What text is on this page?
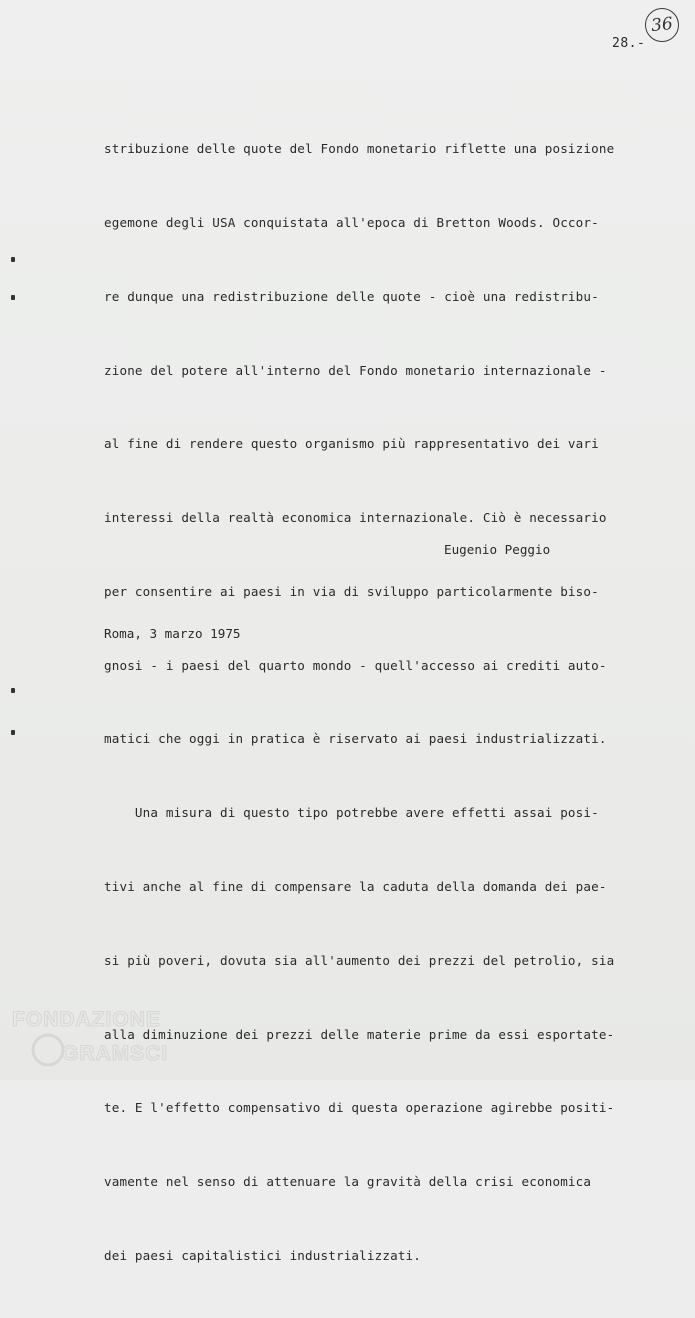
36
28.-

stribuzione delle quote del Fondo monetario riflette una posizione

egemone degli USA conquistata all'epoca di Bretton Woods. Occor-

re dunque una redistribuzione delle quote - cioè una redistribu-

zione del potere all'interno del Fondo monetario internazionale -

al fine di rendere questo organismo più rappresentativo dei vari

interessi della realtà economica internazionale. Ciò è necessario

per consentire ai paesi in via di sviluppo particolarmente biso-

gnosi - i paesi del quarto mondo - quell'accesso ai crediti auto-

matici che oggi in pratica è riservato ai paesi industrializzati.

Una misura di questo tipo potrebbe avere effetti assai posi-

tivi anche al fine di compensare la caduta della domanda dei pae-

si più poveri, dovuta sia all'aumento dei prezzi del petrolio, sia

alla diminuzione dei prezzi delle materie prime da essi esportate-

te. E l'effetto compensativo di questa operazione agirebbe positi-

vamente nel senso di attenuare la gravità della crisi economica

dei paesi capitalistici industrializzati.

Eugenio Peggio
Roma, 3 marzo 1975
FONDAZIONE
GRAMSCI
